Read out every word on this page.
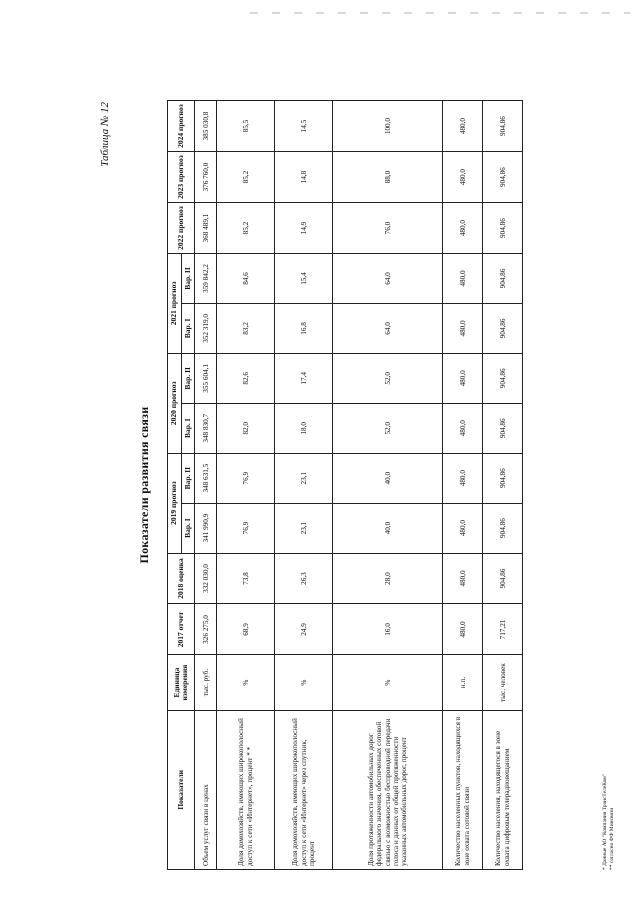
Таблица № 12
Показатели развития связи
Показатели	Единица измерения	2017 отчет	2018 оценка	2019 прогноз		2020 прогноз		2021 прогноз		2022 прогноз	2023 прогноз	2024 прогноз
				Вар. I	Вар. II	Вар. I	Вар. II	Вар. I	Вар. II			
Объем услуг связи в ценах	тыс. руб.	326 275,0	332 030,0	341 990,9	348 631,5	348 830,7	355 604,1	352 319,0	359 842,2	368 489,1	376 760,0	385 030,8
Доля домохозяйств, имеющих широкополосный доступ к сети «Интернет», процент * *	%	68,9	73,8	76,9	76,9	82,0	82,6	83,2	84,6	85,2	85,2	85,5
Доля домохозяйств, имеющих широкополосный доступ к сети «Интернет» через спутник, процент	%	24,9	26,3	23,1	23,1	18,0	17,4	16,8	15,4	14,9	14,8	14,5
Доля протяженности автомобильных дорог федерального значения, обеспеченных сотовой связью с возможностью беспроводной передачи голоса и данных от общей протяженности указанных автомобильных дорог, процент	%	16,0	28,0	40,0	40,0	52,0	52,0	64,0	64,0	76,0	88,0	100,0
Количество населенных пунктов, находящихся в зоне охвата сотовой связи	н.п.	480,0	480,0	480,0	480,0	480,0	480,0	480,0	480,0	480,0	480,0	480,0
Количество населения, находящегося в зоне охвата цифровым телерадиовещанием	тыс. человек	717,21	904,86	904,86	904,86	904,86	904,86	904,86	904,86	904,86	904,86	904,86
* Данные АО "Компания ТрансТелеКом" ** согласно ФФ Минсвязи
